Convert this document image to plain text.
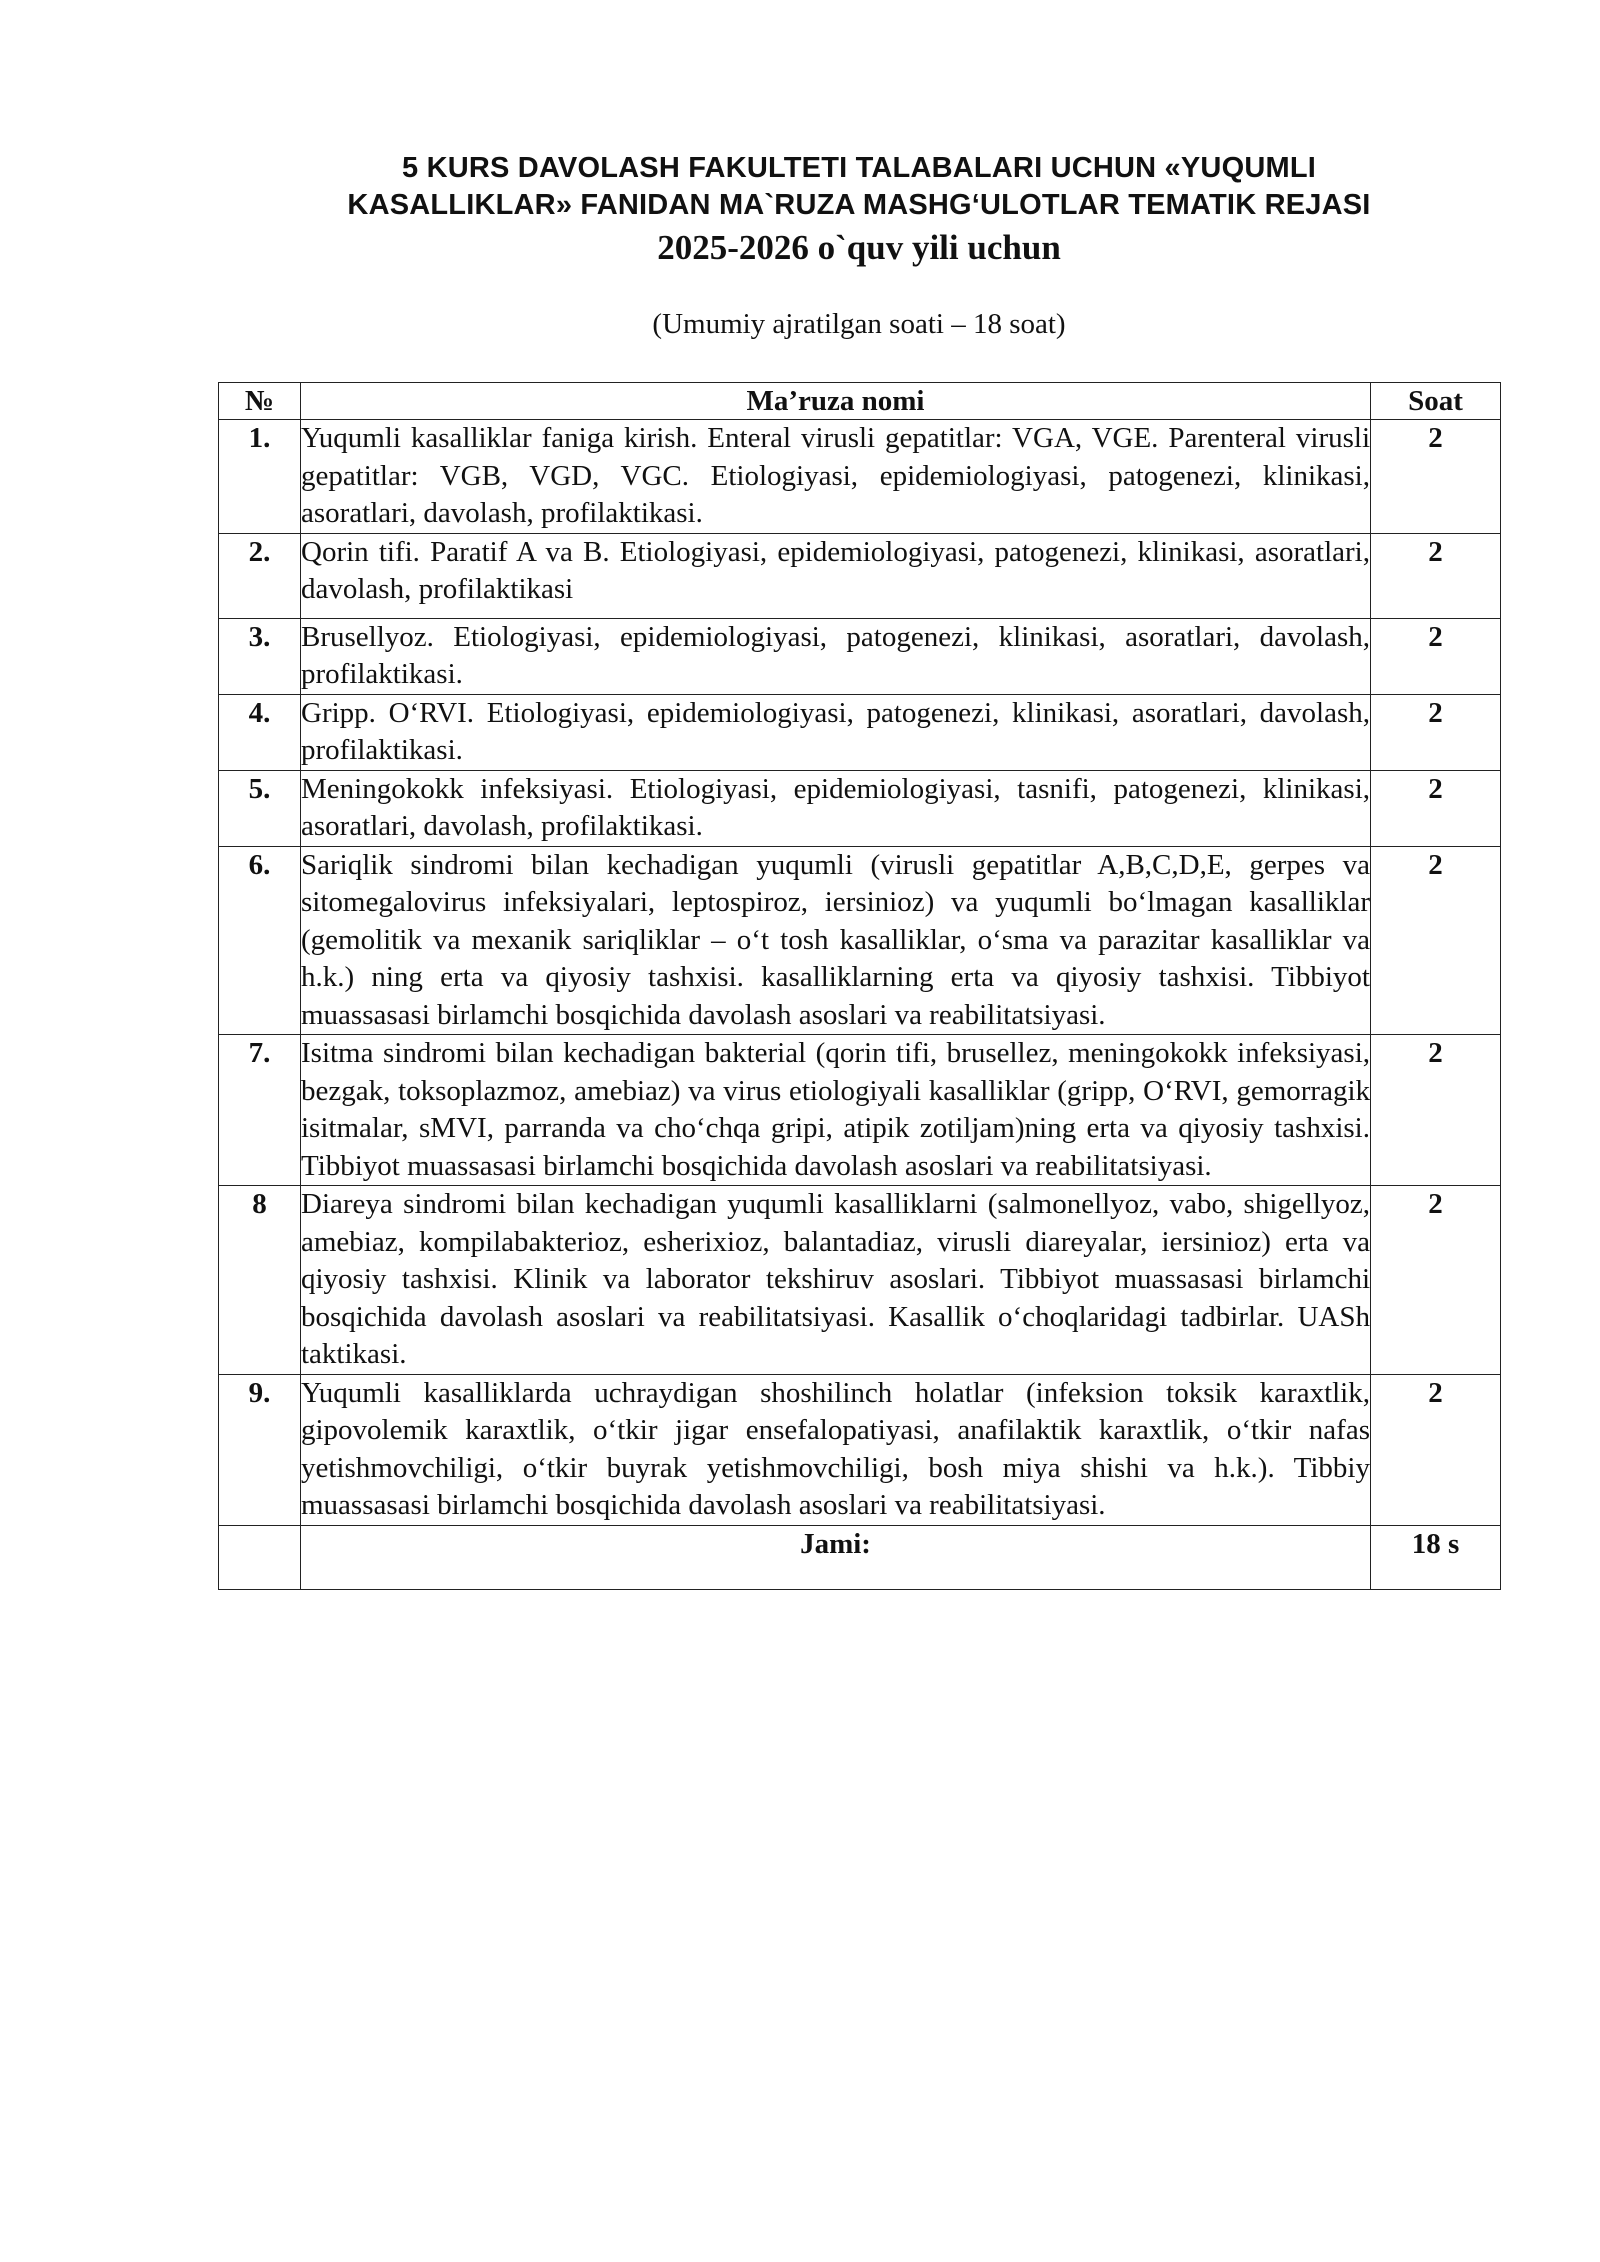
5 KURS DAVOLASH FAKULTETI TALABALARI UCHUN «YUQUMLI
KASALLIKLAR» FANIDAN MA`RUZA MASHG‘ULOTLAR TEMATIK REJASI
2025-2026 o`quv yili uchun
(Umumiy ajratilgan soati – 18 soat)
№	Ma’ruza nomi	Soat
1.	Yuqumli kasalliklar faniga kirish. Enteral virusli gepatitlar: VGA, VGE. Parenteral virusli gepatitlar: VGB, VGD, VGC. Etiologiyasi, epidemiologiyasi, patogenezi, klinikasi, asoratlari, davolash, profilaktikasi.	2
2.	Qorin tifi. Paratif A va B. Etiologiyasi, epidemiologiyasi, patogenezi, klinikasi, asoratlari, davolash, profilaktikasi	2
3.	Brusellyoz. Etiologiyasi, epidemiologiyasi, patogenezi, klinikasi, asoratlari, davolash, profilaktikasi.	2
4.	Gripp. O‘RVI. Etiologiyasi, epidemiologiyasi, patogenezi, klinikasi, asoratlari, davolash, profilaktikasi.	2
5.	Meningokokk infeksiyasi. Etiologiyasi, epidemiologiyasi, tasnifi, patogenezi, klinikasi, asoratlari, davolash, profilaktikasi.	2
6.	Sariqlik sindromi bilan kechadigan yuqumli (virusli gepatitlar A,B,C,D,E, gerpes va sitomegalovirus infeksiyalari, leptospiroz, iersinioz) va yuqumli bo‘lmagan kasalliklar (gemolitik va mexanik sariqliklar – o‘t tosh kasalliklar, o‘sma va parazitar kasalliklar va h.k.) ning erta va qiyosiy tashxisi. kasalliklarning erta va qiyosiy tashxisi. Tibbiyot muassasasi birlamchi bosqichida davolash asoslari va reabilitatsiyasi.	2
7.	Isitma sindromi bilan kechadigan bakterial (qorin tifi, brusellez, meningokokk infeksiyasi, bezgak, toksoplazmoz, amebiaz) va virus etiologiyali kasalliklar (gripp, O‘RVI, gemorragik isitmalar, sMVI, parranda va cho‘chqa gripi, atipik zotiljam)ning erta va qiyosiy tashxisi. Tibbiyot muassasasi birlamchi bosqichida davolash asoslari va reabilitatsiyasi.	2
8	Diareya sindromi bilan kechadigan yuqumli kasalliklarni (salmonellyoz, vabo, shigellyoz, amebiaz, kompilabakterioz, esherixioz, balantadiaz, virusli diareyalar, iersinioz) erta va qiyosiy tashxisi. Klinik va laborator tekshiruv asoslari. Tibbiyot muassasasi birlamchi bosqichida davolash asoslari va reabilitatsiyasi. Kasallik o‘choqlaridagi tadbirlar. UASh taktikasi.	2
9.	Yuqumli kasalliklarda uchraydigan shoshilinch holatlar (infeksion toksik karaxtlik, gipovolemik karaxtlik, o‘tkir jigar ensefalopatiyasi, anafilaktik karaxtlik, o‘tkir nafas yetishmovchiligi, o‘tkir buyrak yetishmovchiligi, bosh miya shishi va h.k.). Tibbiy muassasasi birlamchi bosqichida davolash asoslari va reabilitatsiyasi.	2
	Jami:	18 s
